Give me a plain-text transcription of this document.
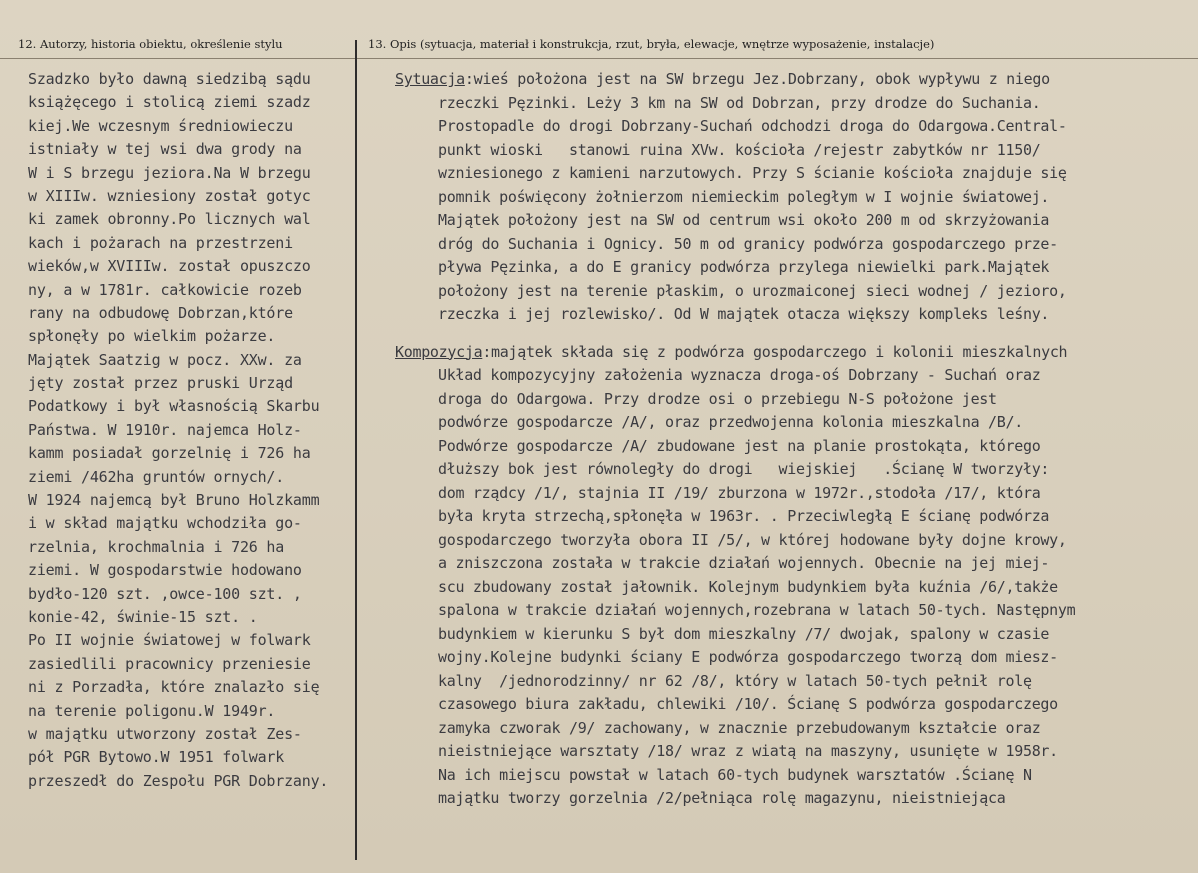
12. Autorzy, historia obiektu, określenie stylu	13. Opis (sytuacja, materiał i konstrukcja, rzut, bryła, elewacje, wnętrze wyposażenie, instalacje)
Szadzko było dawną siedzibą sądu
książęcego i stolicą ziemi szadz
kiej.We wczesnym średniowieczu
istniały w tej wsi dwa grody na
W i S brzegu jeziora.Na W brzegu
w XIIIw. wzniesiony został gotyc
ki zamek obronny.Po licznych wal
kach i pożarach na przestrzeni
wieków,w XVIIIw. został opuszczo
ny, a w 1781r. całkowicie rozeb
rany na odbudowę Dobrzan,które
spłonęły po wielkim pożarze.
Majątek Saatzig w pocz. XXw. za
jęty został przez pruski Urząd
Podatkowy i był własnością Skarbu
Państwa. W 1910r. najemca Holz-
kamm posiadał gorzelnię i 726 ha
ziemi /462ha gruntów ornych/.
W 1924 najemcą był Bruno Holzkamm
i w skład majątku wchodziła go-
rzelnia, krochmalnia i 726 ha
ziemi. W gospodarstwie hodowano
bydło-120 szt. ,owce-100 szt. ,
konie-42, świnie-15 szt. .
Po II wojnie światowej w folwark
zasiedlili pracownicy przeniesie
ni z Porzadła, które znalazło się
na terenie poligonu.W 1949r.
w majątku utworzony został Zes-
pół PGR Bytowo.W 1951 folwark
przeszedł do Zespołu PGR Dobrzany.
Sytuacja:wieś położona jest na SW brzegu Jez.Dobrzany, obok wypływu z niego
rzeczki Pęzinki. Leży 3 km na SW od Dobrzan, przy drodze do Suchania.
Prostopadle do drogi Dobrzany-Suchań odchodzi droga do Odargowa.Central-
punkt wioski   stanowi ruina XVw. kościoła /rejestr zabytków nr 1150/
wzniesionego z kamieni narzutowych. Przy S ścianie kościoła znajduje się
pomnik poświęcony żołnierzom niemieckim poległym w I wojnie światowej.
Majątek położony jest na SW od centrum wsi około 200 m od skrzyżowania
dróg do Suchania i Ognicy. 50 m od granicy podwórza gospodarczego prze-
pływa Pęzinka, a do E granicy podwórza przylega niewielki park.Majątek
położony jest na terenie płaskim, o urozmaiconej sieci wodnej / jezioro,
rzeczka i jej rozlewisko/. Od W majątek otacza większy kompleks leśny.
Kompozycja:majątek składa się z podwórza gospodarczego i kolonii mieszkalnych
Układ kompozycyjny założenia wyznacza droga-oś Dobrzany - Suchań oraz
droga do Odargowa. Przy drodze osi o przebiegu N-S położone jest
podwórze gospodarcze /A/, oraz przedwojenna kolonia mieszkalna /B/.
Podwórze gospodarcze /A/ zbudowane jest na planie prostokąta, którego
dłuższy bok jest równoległy do drogi   wiejskiej   .Ścianę W tworzyły:
dom rządcy /1/, stajnia II /19/ zburzona w 1972r.,stodoła /17/, która
była kryta strzechą,spłonęła w 1963r. . Przeciwległą E ścianę podwórza
gospodarczego tworzyła obora II /5/, w której hodowane były dojne krowy,
a zniszczona została w trakcie działań wojennych. Obecnie na jej miej-
scu zbudowany został jałownik. Kolejnym budynkiem była kuźnia /6/,także
spalona w trakcie działań wojennych,rozebrana w latach 50-tych. Następnym
budynkiem w kierunku S był dom mieszkalny /7/ dwojak, spalony w czasie
wojny.Kolejne budynki ściany E podwórza gospodarczego tworzą dom miesz-
kalny  /jednorodzinny/ nr 62 /8/, który w latach 50-tych pełnił rolę
czasowego biura zakładu, chlewiki /10/. Ścianę S podwórza gospodarczego
zamyka czworak /9/ zachowany, w znacznie przebudowanym kształcie oraz
nieistniejące warsztaty /18/ wraz z wiatą na maszyny, usunięte w 1958r.
Na ich miejscu powstał w latach 60-tych budynek warsztatów .Ścianę N
majątku tworzy gorzelnia /2/pełniąca rolę magazynu, nieistniejąca
